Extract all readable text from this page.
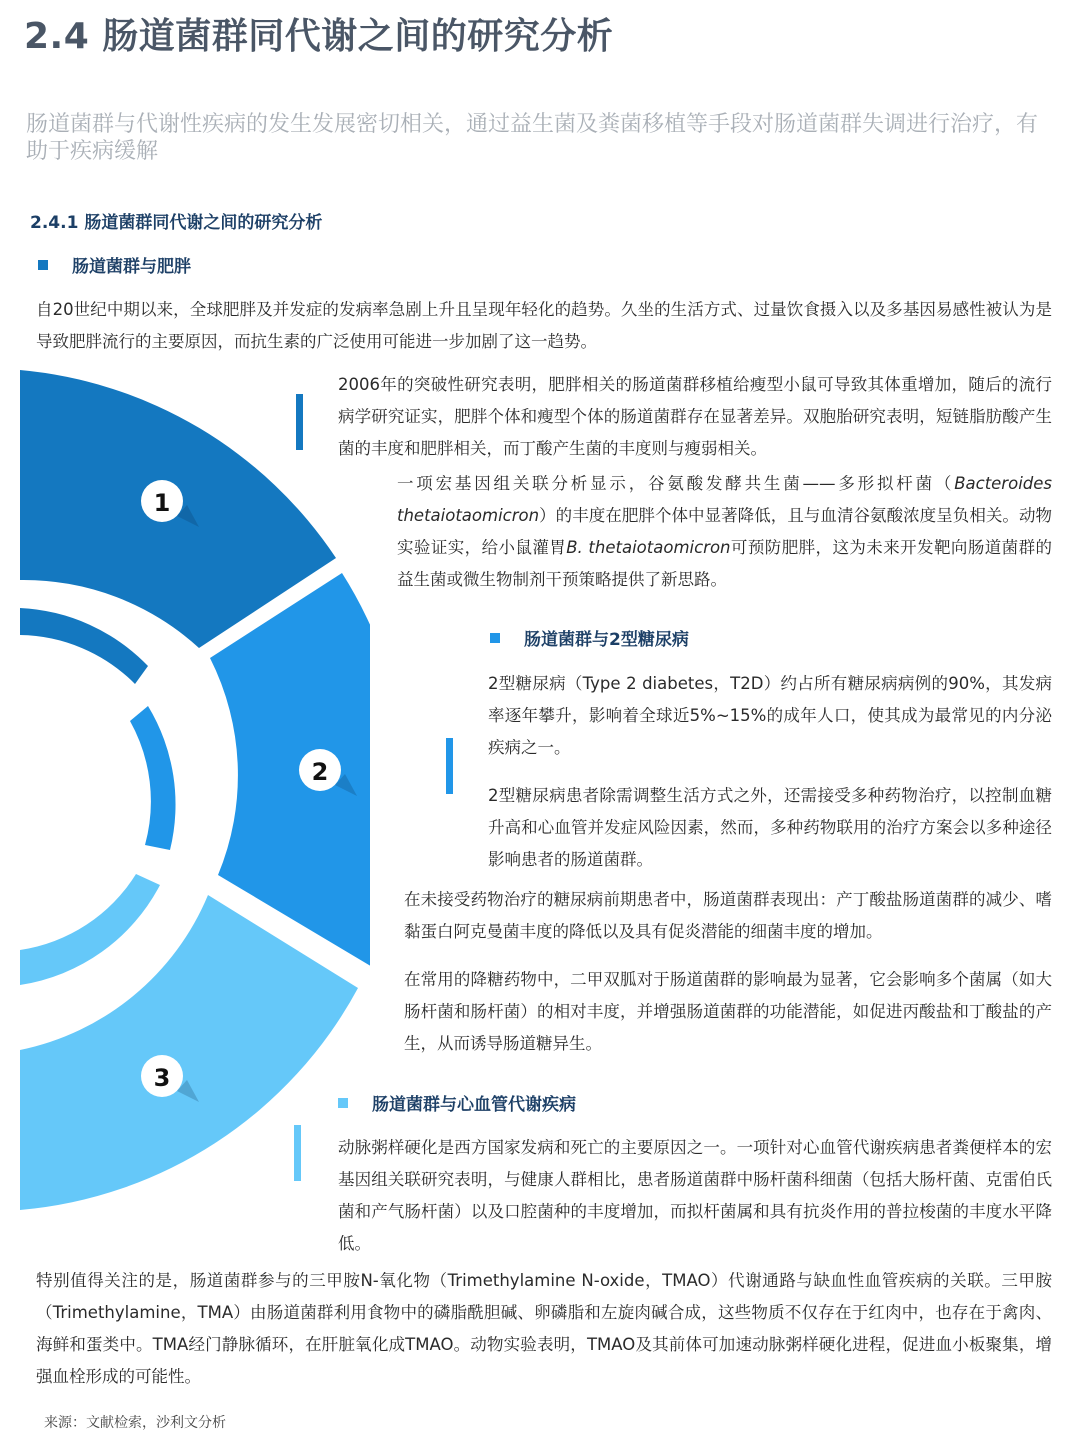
2.4 肠道菌群同代谢之间的研究分析

肠道菌群与代谢性疾病的发生发展密切相关，通过益生菌及粪菌移植等手段对肠道菌群失调进行治疗，有助于疾病缓解

2.4.1 肠道菌群同代谢之间的研究分析
肠道菌群与肥胖

自20世纪中期以来，全球肥胖及并发症的发病率急剧上升且呈现年轻化的趋势。久坐的生活方式、过量饮食摄入以及多基因易感性被认为是导致肥胖流行的主要原因，而抗生素的广泛使用可能进一步加剧了这一趋势。

1
2
3

2006年的突破性研究表明，肥胖相关的肠道菌群移植给瘦型小鼠可导致其体重增加，随后的流行病学研究证实，肥胖个体和瘦型个体的肠道菌群存在显著差异。双胞胎研究表明，短链脂肪酸产生菌的丰度和肥胖相关，而丁酸产生菌的丰度则与瘦弱相关。

一项宏基因组关联分析显示，谷氨酸发酵共生菌——多形拟杆菌（Bacteroides thetaiotaomicron）的丰度在肥胖个体中显著降低，且与血清谷氨酸浓度呈负相关。动物实验证实，给小鼠灌胃B. thetaiotaomicron可预防肥胖，这为未来开发靶向肠道菌群的益生菌或微生物制剂干预策略提供了新思路。

肠道菌群与2型糖尿病

2型糖尿病（Type 2 diabetes，T2D）约占所有糖尿病病例的90%，其发病率逐年攀升，影响着全球近5%~15%的成年人口，使其成为最常见的内分泌疾病之一。

2型糖尿病患者除需调整生活方式之外，还需接受多种药物治疗，以控制血糖升高和心血管并发症风险因素，然而，多种药物联用的治疗方案会以多种途径影响患者的肠道菌群。

在未接受药物治疗的糖尿病前期患者中，肠道菌群表现出：产丁酸盐肠道菌群的减少、嗜黏蛋白阿克曼菌丰度的降低以及具有促炎潜能的细菌丰度的增加。

在常用的降糖药物中，二甲双胍对于肠道菌群的影响最为显著，它会影响多个菌属（如大肠杆菌和肠杆菌）的相对丰度，并增强肠道菌群的功能潜能，如促进丙酸盐和丁酸盐的产生，从而诱导肠道糖异生。

肠道菌群与心血管代谢疾病

动脉粥样硬化是西方国家发病和死亡的主要原因之一。一项针对心血管代谢疾病患者粪便样本的宏基因组关联研究表明，与健康人群相比，患者肠道菌群中肠杆菌科细菌（包括大肠杆菌、克雷伯氏菌和产气肠杆菌）以及口腔菌种的丰度增加，而拟杆菌属和具有抗炎作用的普拉梭菌的丰度水平降低。

特别值得关注的是，肠道菌群参与的三甲胺N-氧化物（Trimethylamine N-oxide，TMAO）代谢通路与缺血性血管疾病的关联。三甲胺（Trimethylamine，TMA）由肠道菌群利用食物中的磷脂酰胆碱、卵磷脂和左旋肉碱合成，这些物质不仅存在于红肉中，也存在于禽肉、海鲜和蛋类中。TMA经门静脉循环，在肝脏氧化成TMAO。动物实验表明，TMAO及其前体可加速动脉粥样硬化进程，促进血小板聚集，增强血栓形成的可能性。

来源：文献检索，沙利文分析
